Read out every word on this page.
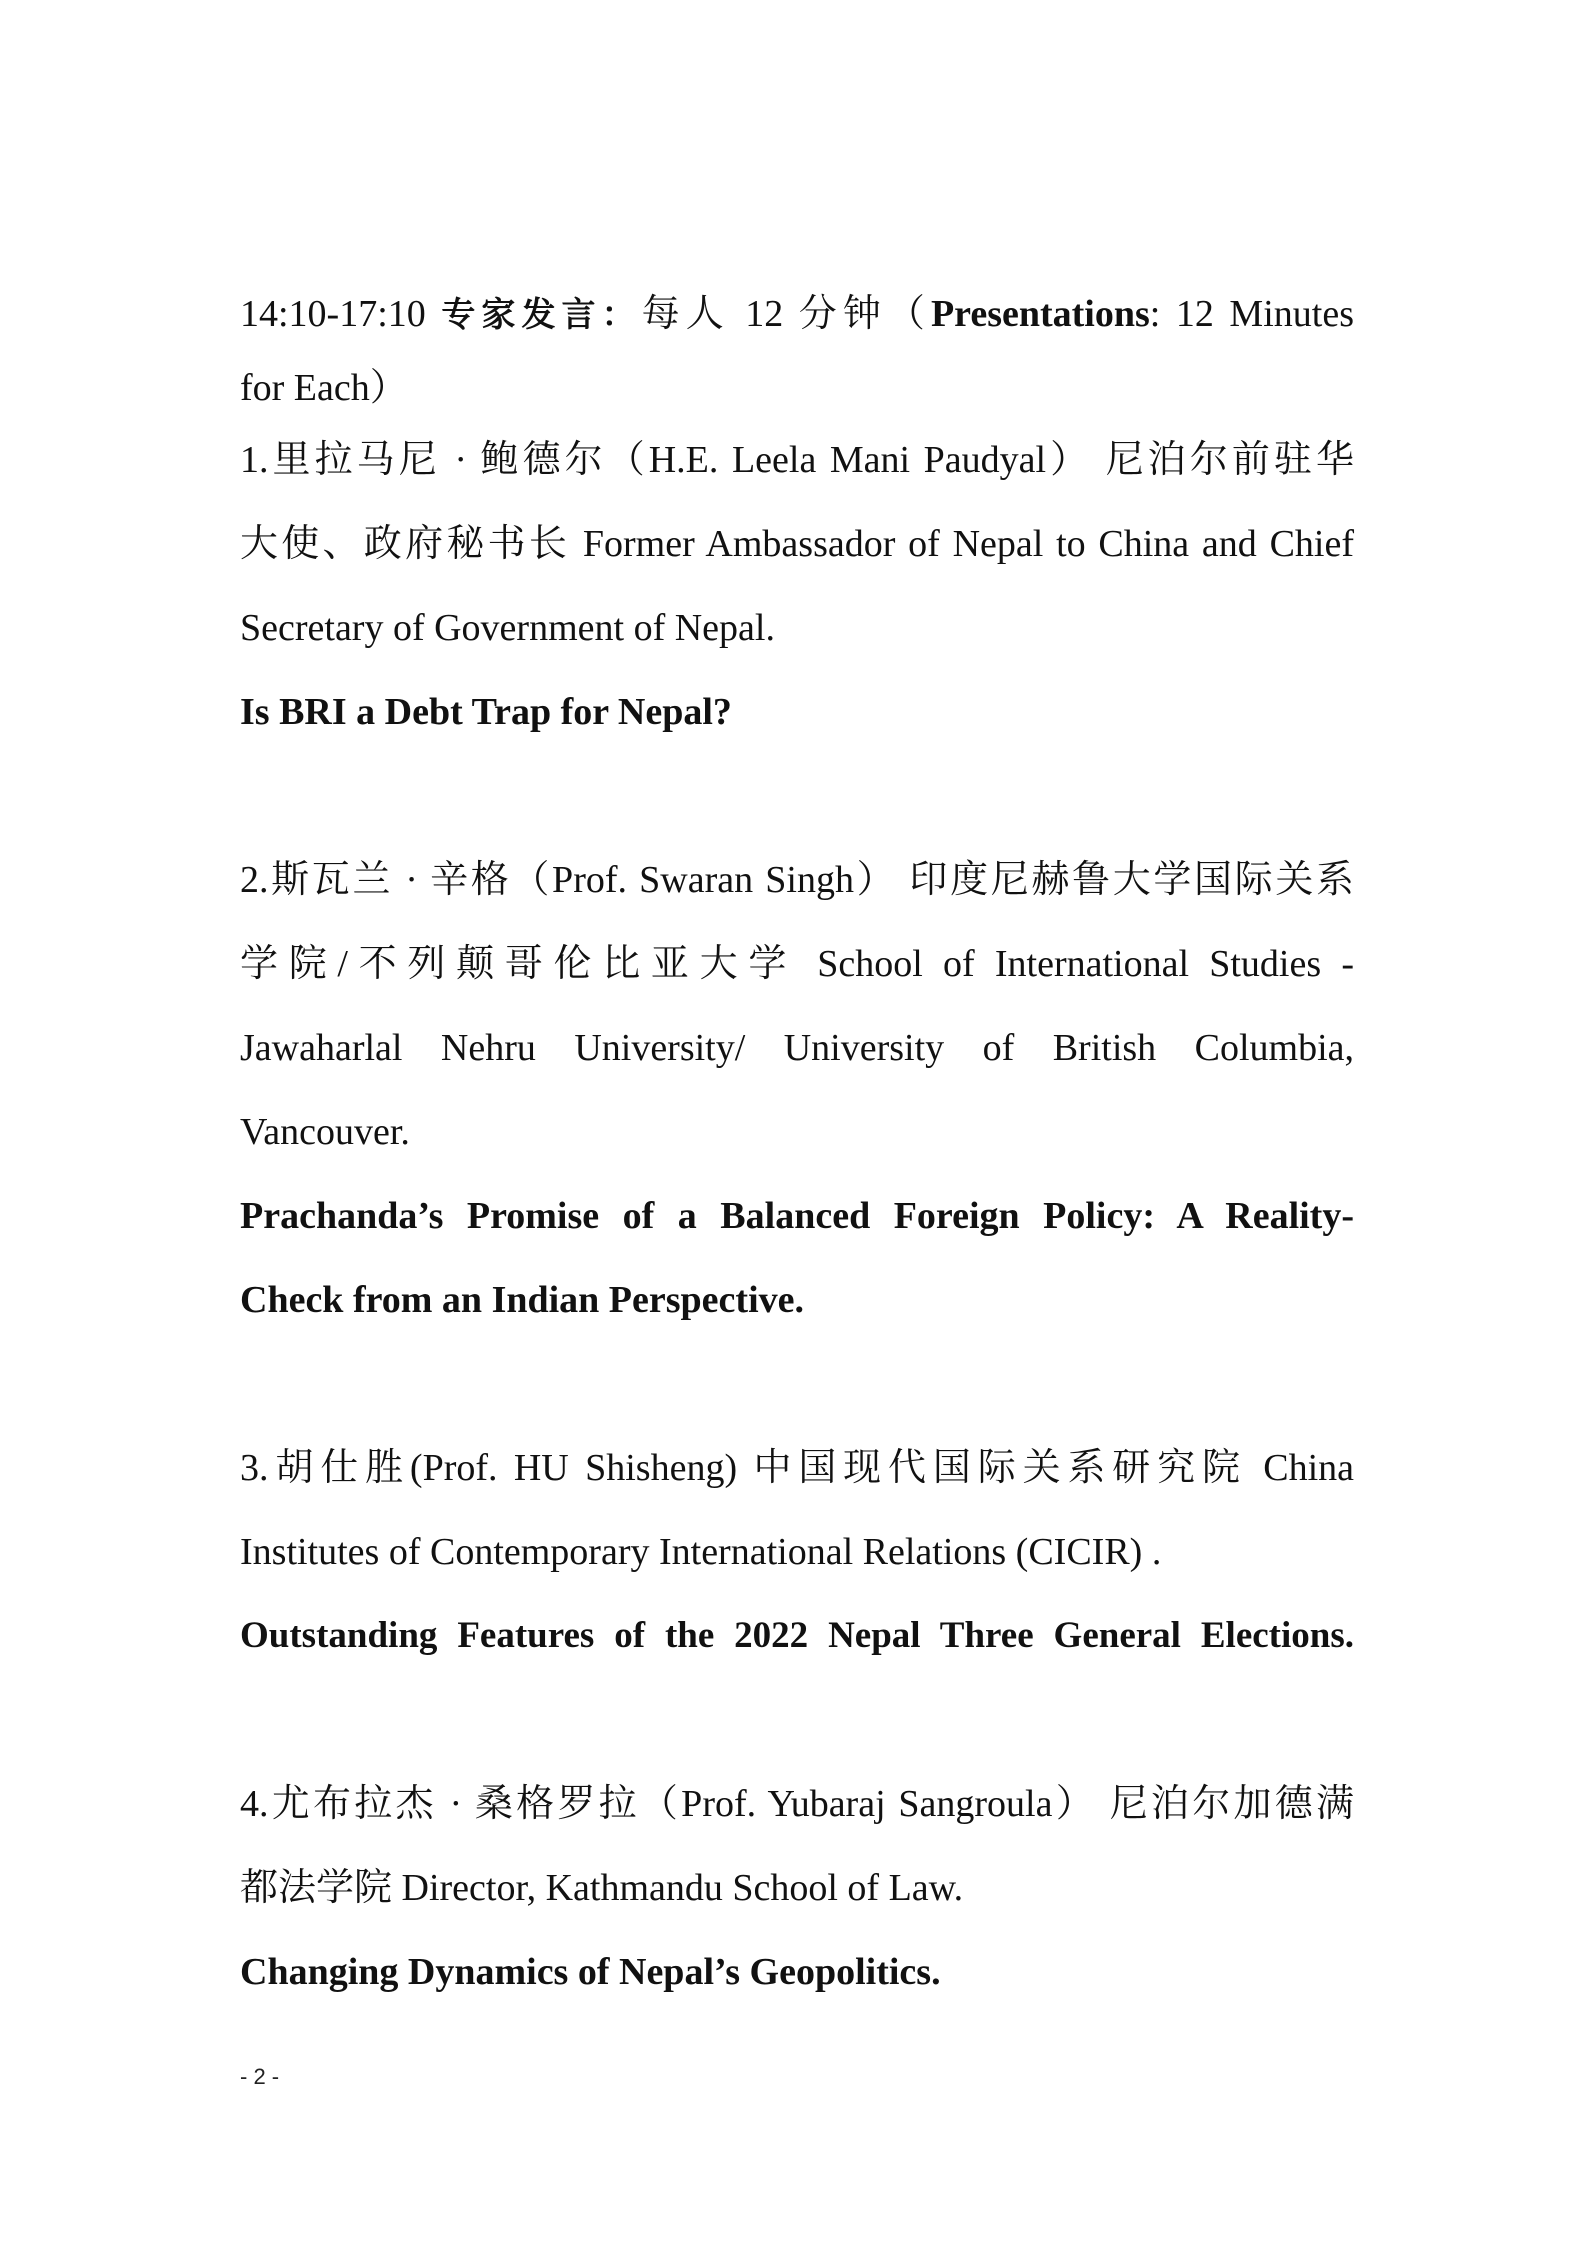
14:10-17:10 专家发言：每人 12 分钟（Presentations: 12 Minutes
for Each）
1.里拉马尼 · 鲍德尔（H.E. Leela Mani Paudyal） 尼泊尔前驻华
大使、政府秘书长 Former Ambassador of Nepal to China and Chief
Secretary of Government of Nepal.
Is BRI a Debt Trap for Nepal?
2.斯瓦兰 · 辛格（Prof. Swaran Singh） 印度尼赫鲁大学国际关系
学院/不列颠哥伦比亚大学 School of International Studies -
Jawaharlal Nehru University/ University of British Columbia,
Vancouver.
Prachanda’s Promise of a Balanced Foreign Policy: A Reality-
Check from an Indian Perspective.
3.胡仕胜(Prof. HU Shisheng) 中国现代国际关系研究院 China
Institutes of Contemporary International Relations (CICIR) .
Outstanding Features of the 2022 Nepal Three General Elections.
4.尤布拉杰 · 桑格罗拉（Prof. Yubaraj Sangroula） 尼泊尔加德满
都法学院 Director, Kathmandu School of Law.
Changing Dynamics of Nepal’s Geopolitics.
- 2 -
